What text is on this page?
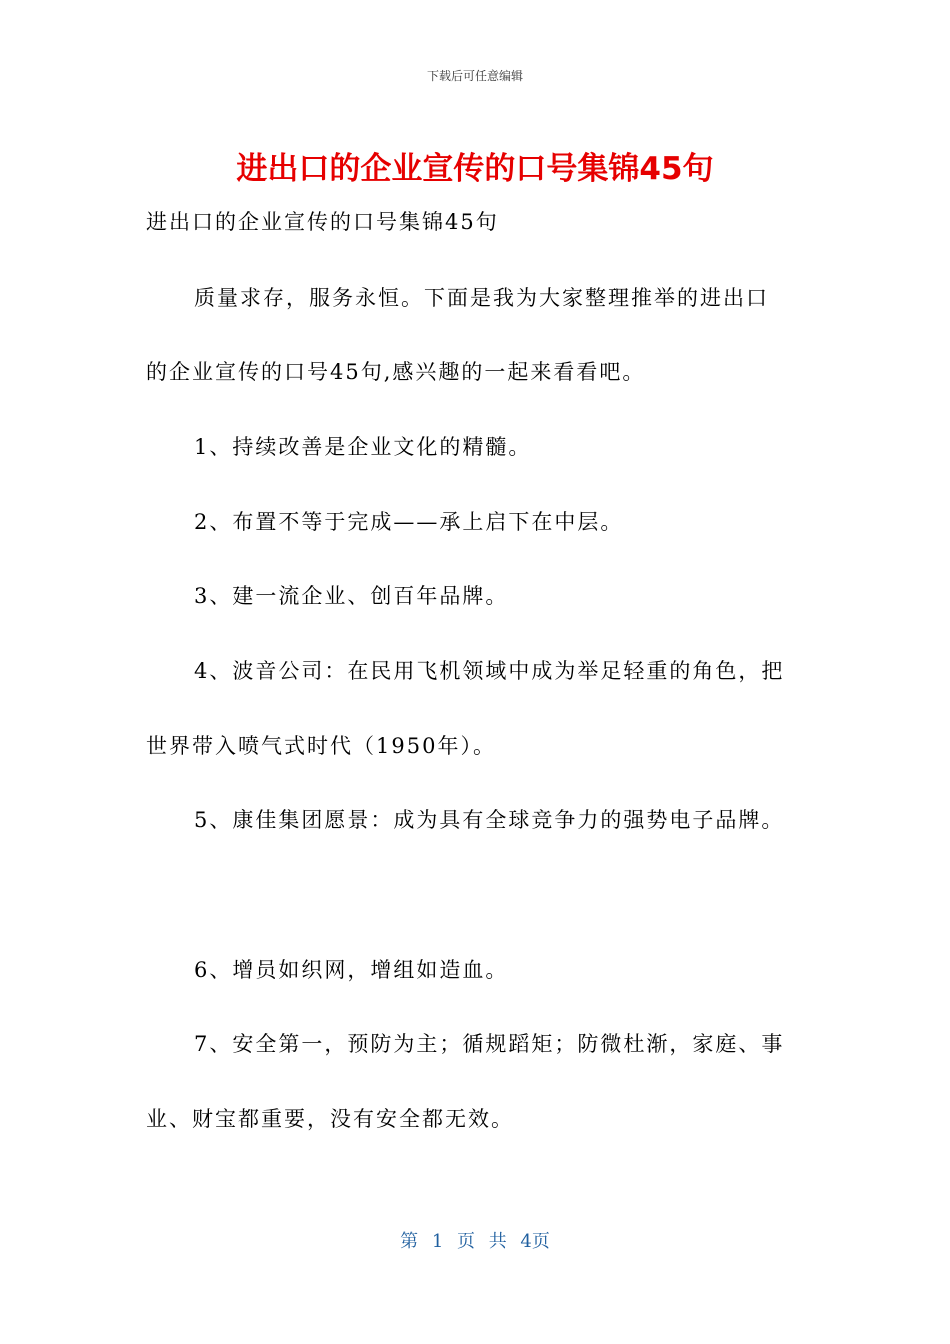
下载后可任意编辑
进出口的企业宣传的口号集锦45句
进出口的企业宣传的口号集锦45句
质量求存，服务永恒。下面是我为大家整理推举的进出口
的企业宣传的口号45句,感兴趣的一起来看看吧。
1、持续改善是企业文化的精髓。
2、布置不等于完成——承上启下在中层。
3、建一流企业、创百年品牌。
4、波音公司：在民用飞机领域中成为举足轻重的角色，把
世界带入喷气式时代（1950年）。
5、康佳集团愿景：成为具有全球竞争力的强势电子品牌。
6、增员如织网，增组如造血。
7、安全第一，预防为主；循规蹈矩；防微杜渐，家庭、事
业、财宝都重要，没有安全都无效。
第 1 页 共 4页
